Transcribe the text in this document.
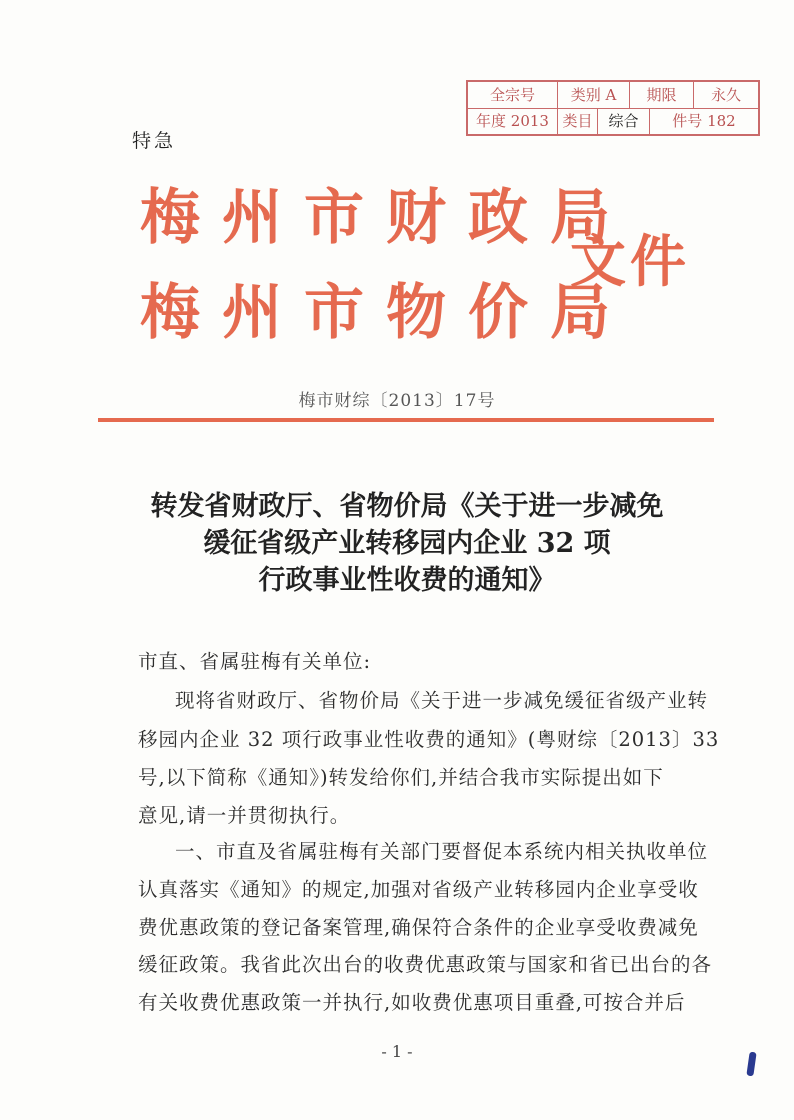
全宗号	类别 A	期限	永久
年度 2013 类目	综合	件号 182
特急
梅州市财政局
梅州市物价局
文件
梅市财综〔2013〕17号
转发省财政厅、省物价局《关于进一步减免
缓征省级产业转移园内企业 32 项
行政事业性收费的通知》
市直、省属驻梅有关单位:
现将省财政厅、省物价局《关于进一步减免缓征省级产业转
移园内企业 32 项行政事业性收费的通知》(粤财综〔2013〕33
号,以下简称《通知》)转发给你们,并结合我市实际提出如下
意见,请一并贯彻执行。
一、市直及省属驻梅有关部门要督促本系统内相关执收单位
认真落实《通知》的规定,加强对省级产业转移园内企业享受收
费优惠政策的登记备案管理,确保符合条件的企业享受收费减免
缓征政策。我省此次出台的收费优惠政策与国家和省已出台的各
有关收费优惠政策一并执行,如收费优惠项目重叠,可按合并后
- 1 -
